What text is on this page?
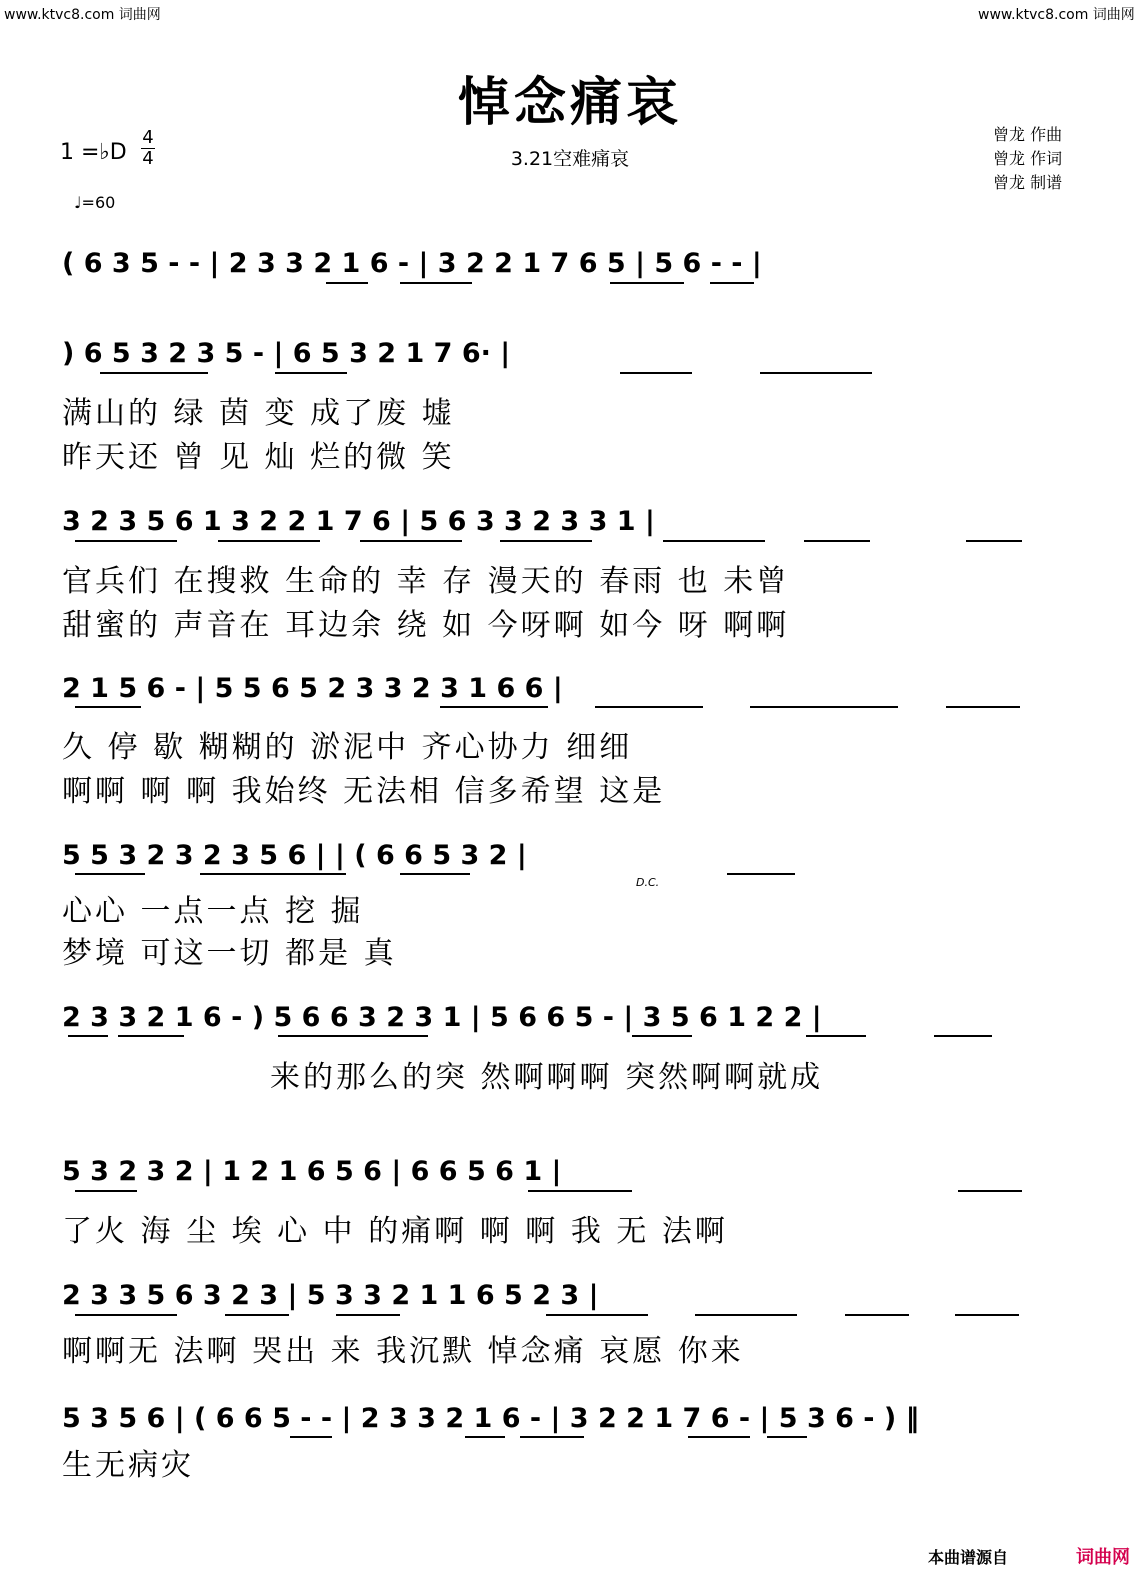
www.ktvc8.com 词曲网	www.ktvc8.com 词曲网
悼念痛哀
3.21空难痛哀
曾龙 作曲
曾龙 作词
曾龙 制谱
1 =♭D
4
4
♩=60
( 6 3 5 - - | 2 3 3 2 1 6 - | 3 2 2 1 7 6 5 | 5 6 - - |
) 6 5 3 2 3 5 - | 6 5 3 2 1 7 6· |
满山的 绿 茵 变 成了废 墟
昨天还 曾 见 灿 烂的微 笑
3 2 3 5 6 1 3 2 2 1 7 6 | 5 6 3 3 2 3 3 1 |
官兵们 在搜救 生命的 幸 存 漫天的 春雨 也 未曾
甜蜜的 声音在 耳边余 绕 如 今呀啊 如今 呀 啊啊
2 1 5 6 - | 5 5 6 5 2 3 3 2 3 1 6 6 |
久 停 歇 糊糊的 淤泥中 齐心协力 细细
啊啊 啊 啊 我始终 无法相 信多希望 这是
5 5 3 2 3 2 3 5 6 | | ( 6 6 5 3 2 |
D.C.
心心 一点一点 挖 掘
梦境 可这一切 都是 真
2 3 3 2 1 6 - ) 5 6 6 3 2 3 1 | 5 6 6 5 - | 3 5 6 1 2 2 |
来的那么的突 然啊啊啊 突然啊啊就成
5 3 2 3 2 | 1 2 1 6 5 6 | 6 6 5 6 1 |
了火 海 尘 埃 心 中 的痛啊 啊 啊 我 无 法啊
2 3 3 5 6 3 2 3 | 5 3 3 2 1 1 6 5 2 3 |
啊啊无 法啊 哭出 来 我沉默 悼念痛 哀愿 你来
5 3 5 6 | ( 6 6 5 - - | 2 3 3 2 1 6 - | 3 2 2 1 7 6 - | 5 3 6 - ) ‖
生无病灾
本曲谱源自	词曲网
